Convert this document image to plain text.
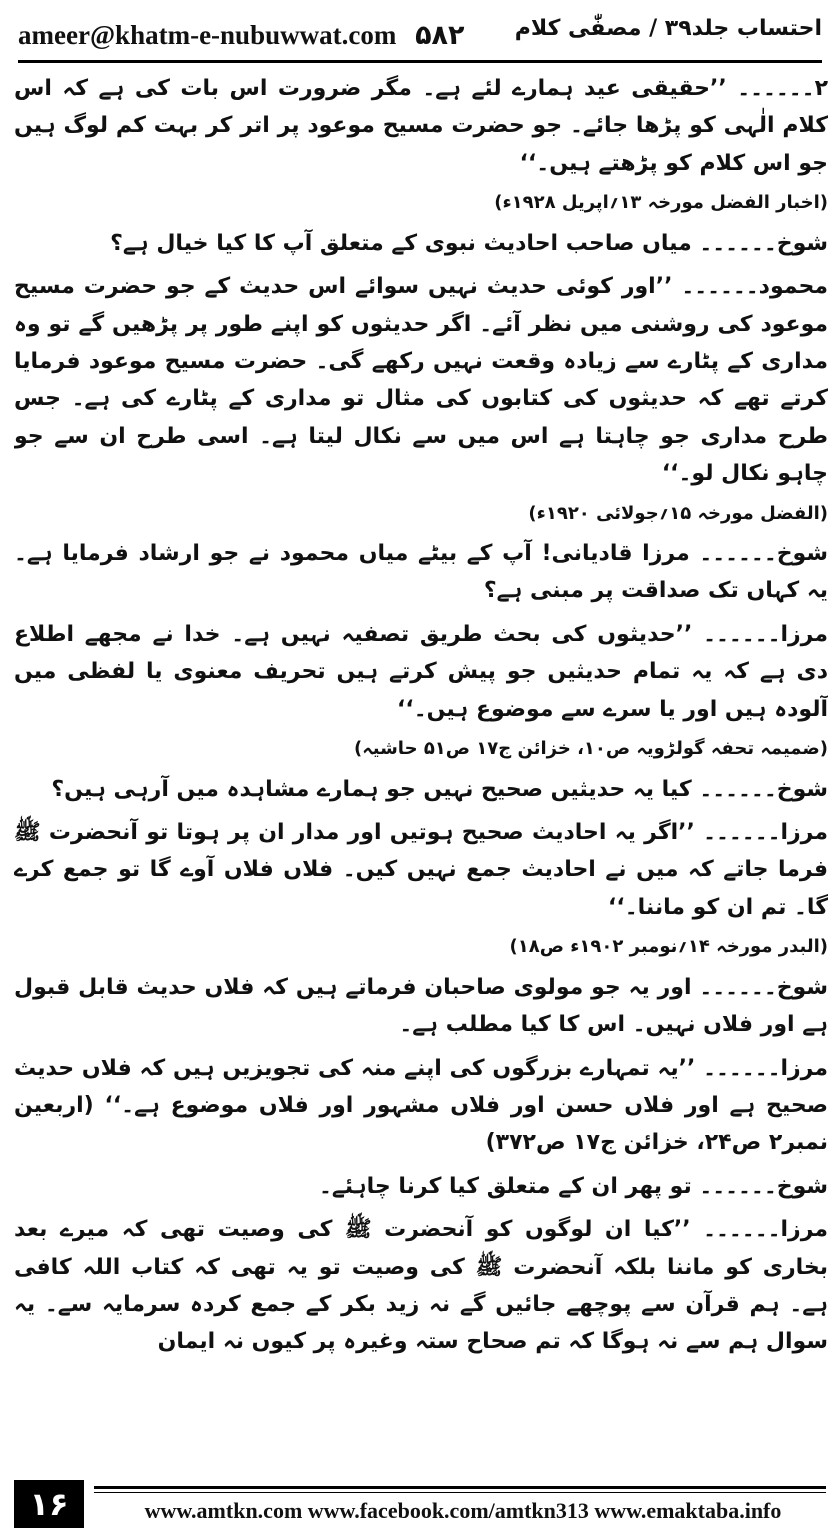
ameer@khatm-e-nubuwwat.com ۵۸۲ احتساب جلد۳۹ / مصفّٰی کلام

۲۔۔۔۔۔۔ ’’حقیقی عید ہمارے لئے ہے۔ مگر ضرورت اس بات کی ہے کہ اس کلام الٰہی کو پڑھا جائے۔ جو حضرت مسیح موعود پر اتر کر بہت کم لوگ ہیں جو اس کلام کو پڑھتے ہیں۔‘‘

(اخبار الفضل مورخہ ۱۳؍اپریل ۱۹۲۸ء)

شوخ۔۔۔۔۔۔ میاں صاحب احادیث نبوی کے متعلق آپ کا کیا خیال ہے؟

محمود۔۔۔۔۔۔ ’’اور کوئی حدیث نہیں سوائے اس حدیث کے جو حضرت مسیح موعود کی روشنی میں نظر آئے۔ اگر حدیثوں کو اپنے طور پر پڑھیں گے تو وہ مداری کے پٹارے سے زیادہ وقعت نہیں رکھے گی۔ حضرت مسیح موعود فرمایا کرتے تھے کہ حدیثوں کی کتابوں کی مثال تو مداری کے پٹارے کی ہے۔ جس طرح مداری جو چاہتا ہے اس میں سے نکال لیتا ہے۔ اسی طرح ان سے جو چاہو نکال لو۔‘‘

(الفضل مورخہ ۱۵؍جولائی ۱۹۲۰ء)

شوخ۔۔۔۔۔۔ مرزا قادیانی! آپ کے بیٹے میاں محمود نے جو ارشاد فرمایا ہے۔ یہ کہاں تک صداقت پر مبنی ہے؟

مرزا۔۔۔۔۔۔ ’’حدیثوں کی بحث طریق تصفیہ نہیں ہے۔ خدا نے مجھے اطلاع دی ہے کہ یہ تمام حدیثیں جو پیش کرتے ہیں تحریف معنوی یا لفظی میں آلودہ ہیں اور یا سرے سے موضوع ہیں۔‘‘

(ضمیمہ تحفہ گولڑویہ ص۱۰، خزائن ج۱۷ ص۵۱ حاشیہ)

شوخ۔۔۔۔۔۔ کیا یہ حدیثیں صحیح نہیں جو ہمارے مشاہدہ میں آرہی ہیں؟

مرزا۔۔۔۔۔۔ ’’اگر یہ احادیث صحیح ہوتیں اور مدار ان پر ہوتا تو آنحضرت ﷺ فرما جاتے کہ میں نے احادیث جمع نہیں کیں۔ فلاں فلاں آوے گا تو جمع کرے گا۔ تم ان کو ماننا۔‘‘

(البدر مورخہ ۱۴؍نومبر ۱۹۰۲ء ص۱۸)

شوخ۔۔۔۔۔۔ اور یہ جو مولوی صاحبان فرماتے ہیں کہ فلاں حدیث قابل قبول ہے اور فلاں نہیں۔ اس کا کیا مطلب ہے۔

مرزا۔۔۔۔۔۔ ’’یہ تمہارے بزرگوں کی اپنے منہ کی تجویزیں ہیں کہ فلاں حدیث صحیح ہے اور فلاں حسن اور فلاں مشہور اور فلاں موضوع ہے۔‘‘ (اربعین نمبر۲ ص۲۴، خزائن ج۱۷ ص۳۷۲)

شوخ۔۔۔۔۔۔ تو پھر ان کے متعلق کیا کرنا چاہئے۔

مرزا۔۔۔۔۔۔ ’’کیا ان لوگوں کو آنحضرت ﷺ کی وصیت تھی کہ میرے بعد بخاری کو ماننا بلکہ آنحضرت ﷺ کی وصیت تو یہ تھی کہ کتاب اللہ کافی ہے۔ ہم قرآن سے پوچھے جائیں گے نہ زید بکر کے جمع کردہ سرمایہ سے۔ یہ سوال ہم سے نہ ہوگا کہ تم صحاح ستہ وغیرہ پر کیوں نہ ایمان

۱۶	www.amtkn.com www.facebook.com/amtkn313 www.emaktaba.info
